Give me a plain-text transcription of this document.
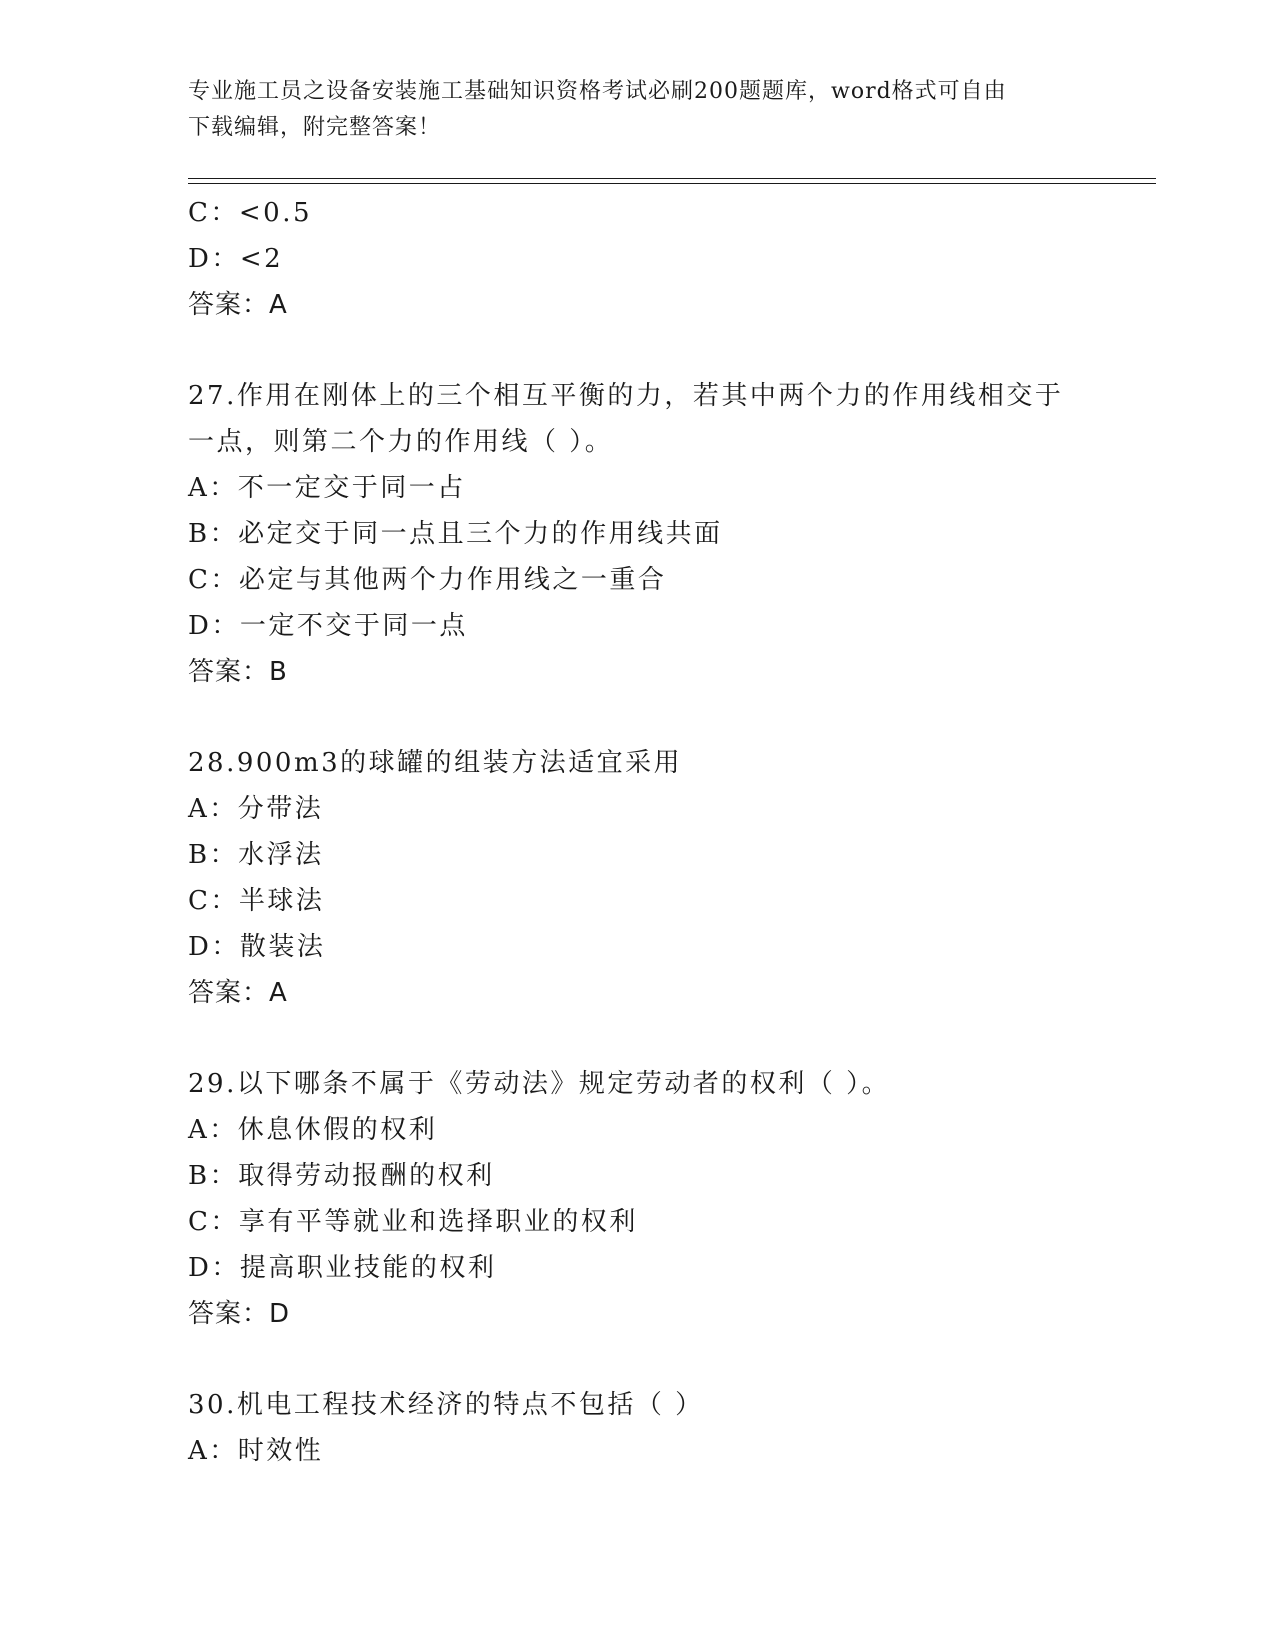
专业施工员之设备安装施工基础知识资格考试必刷200题题库，word格式可自由
下载编辑，附完整答案！
C：<0.5
D：<2
答案：A
27.作用在刚体上的三个相互平衡的力，若其中两个力的作用线相交于
一点，则第二个力的作用线（ ）。
A：不一定交于同一占
B：必定交于同一点且三个力的作用线共面
C：必定与其他两个力作用线之一重合
D：一定不交于同一点
答案：B
28.900m3的球罐的组装方法适宜采用
A：分带法
B：水浮法
C：半球法
D：散装法
答案：A
29.以下哪条不属于《劳动法》规定劳动者的权利（ ）。
A：休息休假的权利
B：取得劳动报酬的权利
C：享有平等就业和选择职业的权利
D：提高职业技能的权利
答案：D
30.机电工程技术经济的特点不包括（ ）
A：时效性
